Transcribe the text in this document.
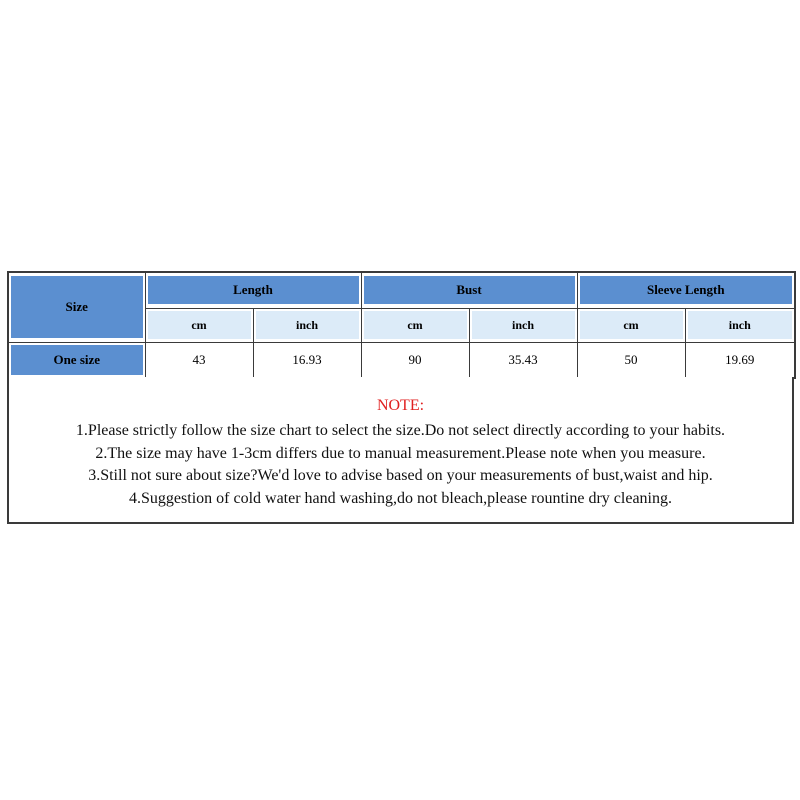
Size	Length		Bust		Sleeve Length	

cm	inch	cm	inch	cm	inch

One size	43	16.93	90	35.43	50	19.69
NOTE:
1.Please strictly follow the size chart to select the size.Do not select directly according to your habits.
2.The size may have 1-3cm differs due to manual measurement.Please note when you measure.
3.Still not sure about size?We'd love to advise based on your measurements of bust,waist and hip.
4.Suggestion of cold water hand washing,do not bleach,please rountine dry cleaning.
